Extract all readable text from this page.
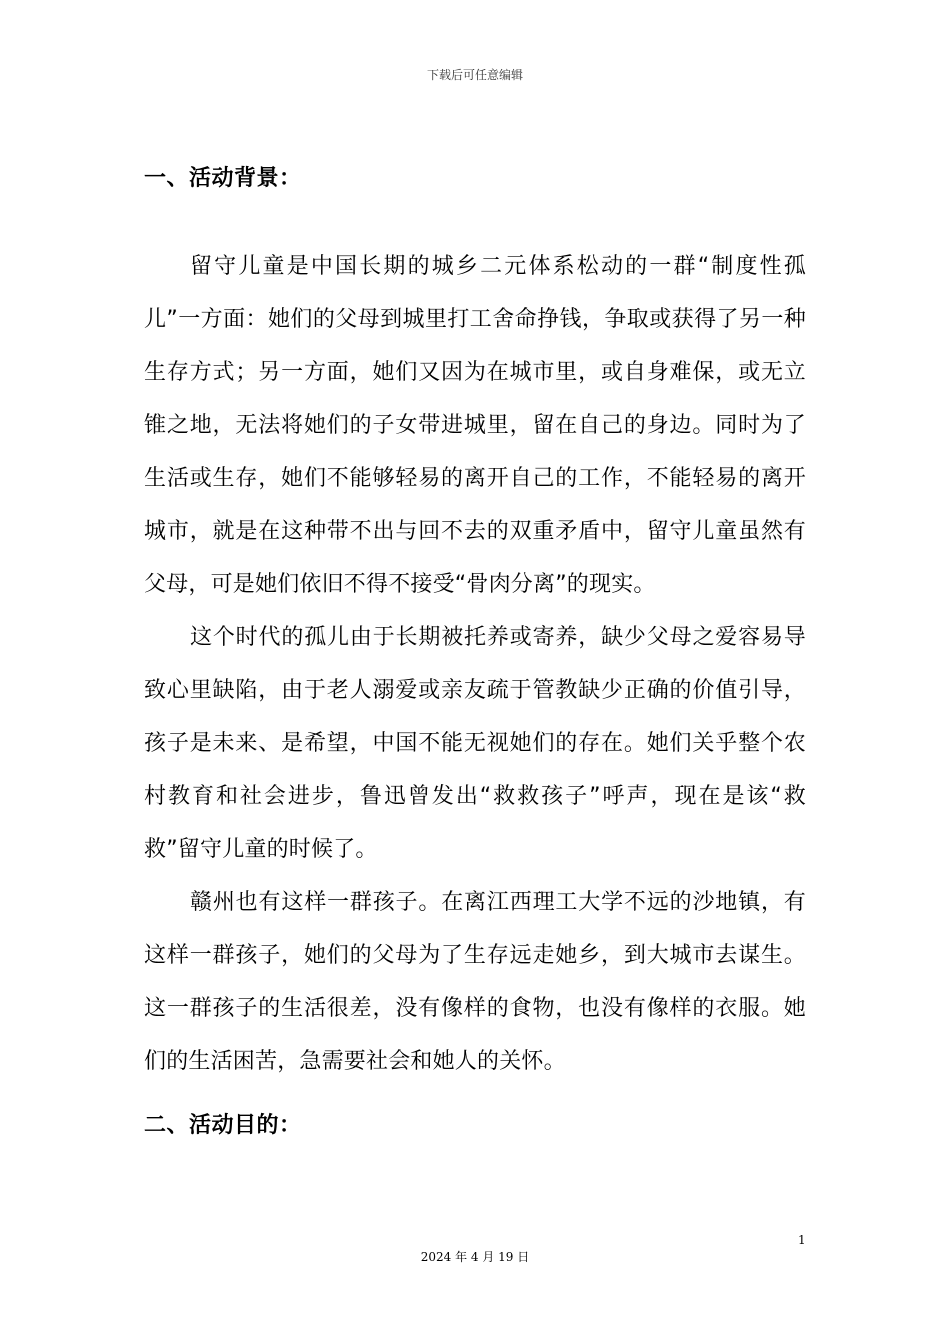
下载后可任意编辑
一、活动背景：

留守儿童是中国长期的城乡二元体系松动的一群“制度性孤儿”一方面：她们的父母到城里打工舍命挣钱，争取或获得了另一种生存方式；另一方面，她们又因为在城市里，或自身难保，或无立锥之地，无法将她们的子女带进城里，留在自己的身边。同时为了生活或生存，她们不能够轻易的离开自己的工作，不能轻易的离开城市，就是在这种带不出与回不去的双重矛盾中，留守儿童虽然有父母，可是她们依旧不得不接受“骨肉分离”的现实。

这个时代的孤儿由于长期被托养或寄养，缺少父母之爱容易导致心里缺陷，由于老人溺爱或亲友疏于管教缺少正确的价值引导，孩子是未来、是希望，中国不能无视她们的存在。她们关乎整个农村教育和社会进步，鲁迅曾发出“救救孩子”呼声，现在是该“救救”留守儿童的时候了。

赣州也有这样一群孩子。在离江西理工大学不远的沙地镇，有这样一群孩子，她们的父母为了生存远走她乡，到大城市去谋生。这一群孩子的生活很差，没有像样的食物，也没有像样的衣服。她们的生活困苦，急需要社会和她人的关怀。

二、活动目的：
1
2024 年 4 月 19 日
